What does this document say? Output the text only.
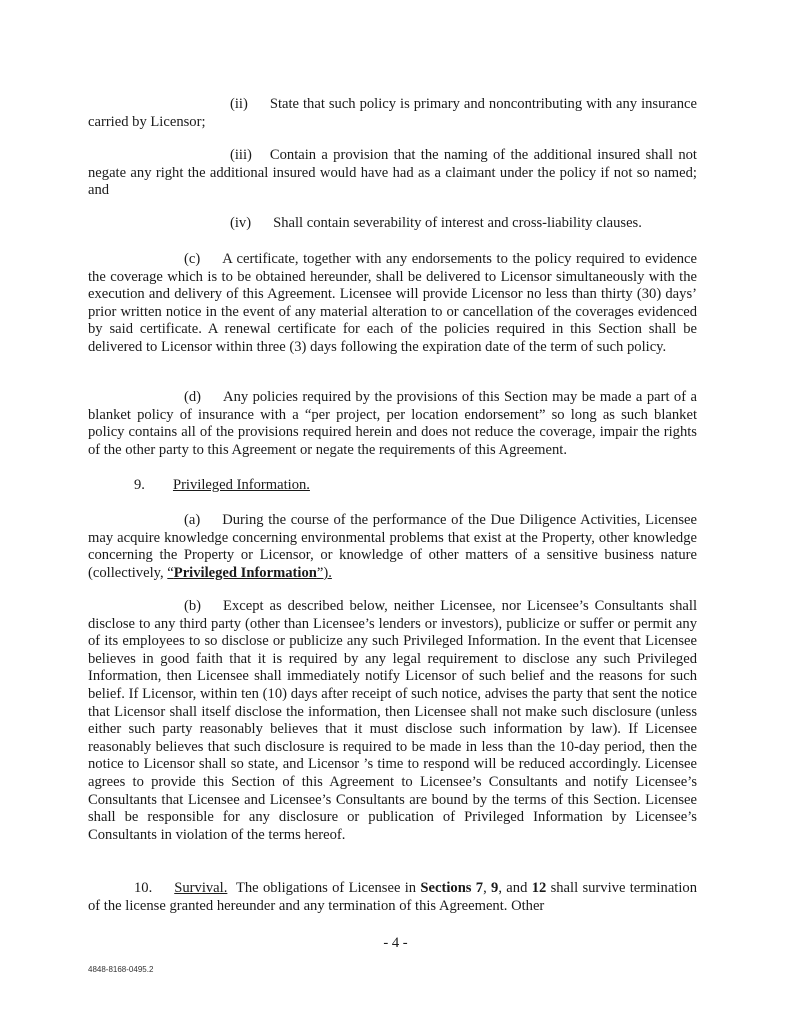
(ii) State that such policy is primary and noncontributing with any insurance carried by Licensor;

(iii) Contain a provision that the naming of the additional insured shall not negate any right the additional insured would have had as a claimant under the policy if not so named; and

(iv) Shall contain severability of interest and cross-liability clauses.

(c) A certificate, together with any endorsements to the policy required to evidence the coverage which is to be obtained hereunder, shall be delivered to Licensor simultaneously with the execution and delivery of this Agreement. Licensee will provide Licensor no less than thirty (30) days’ prior written notice in the event of any material alteration to or cancellation of the coverages evidenced by said certificate. A renewal certificate for each of the policies required in this Section shall be delivered to Licensor within three (3) days following the expiration date of the term of such policy.

(d) Any policies required by the provisions of this Section may be made a part of a blanket policy of insurance with a “per project, per location endorsement” so long as such blanket policy contains all of the provisions required herein and does not reduce the coverage, impair the rights of the other party to this Agreement or negate the requirements of this Agreement.

9. Privileged Information.

(a) During the course of the performance of the Due Diligence Activities, Licensee may acquire knowledge concerning environmental problems that exist at the Property, other knowledge concerning the Property or Licensor, or knowledge of other matters of a sensitive business nature (collectively, “Privileged Information”).

(b) Except as described below, neither Licensee, nor Licensee’s Consultants shall disclose to any third party (other than Licensee’s lenders or investors), publicize or suffer or permit any of its employees to so disclose or publicize any such Privileged Information. In the event that Licensee believes in good faith that it is required by any legal requirement to disclose any such Privileged Information, then Licensee shall immediately notify Licensor of such belief and the reasons for such belief. If Licensor, within ten (10) days after receipt of such notice, advises the party that sent the notice that Licensor shall itself disclose the information, then Licensee shall not make such disclosure (unless either such party reasonably believes that it must disclose such information by law). If Licensee reasonably believes that such disclosure is required to be made in less than the 10-day period, then the notice to Licensor shall so state, and Licensor ’s time to respond will be reduced accordingly. Licensee agrees to provide this Section of this Agreement to Licensee’s Consultants and notify Licensee’s Consultants that Licensee and Licensee’s Consultants are bound by the terms of this Section. Licensee shall be responsible for any disclosure or publication of Privileged Information by Licensee’s Consultants in violation of the terms hereof.

10. Survival. The obligations of Licensee in Sections 7, 9, and 12 shall survive termination of the license granted hereunder and any termination of this Agreement. Other

- 4 -
4848-8168-0495.2
